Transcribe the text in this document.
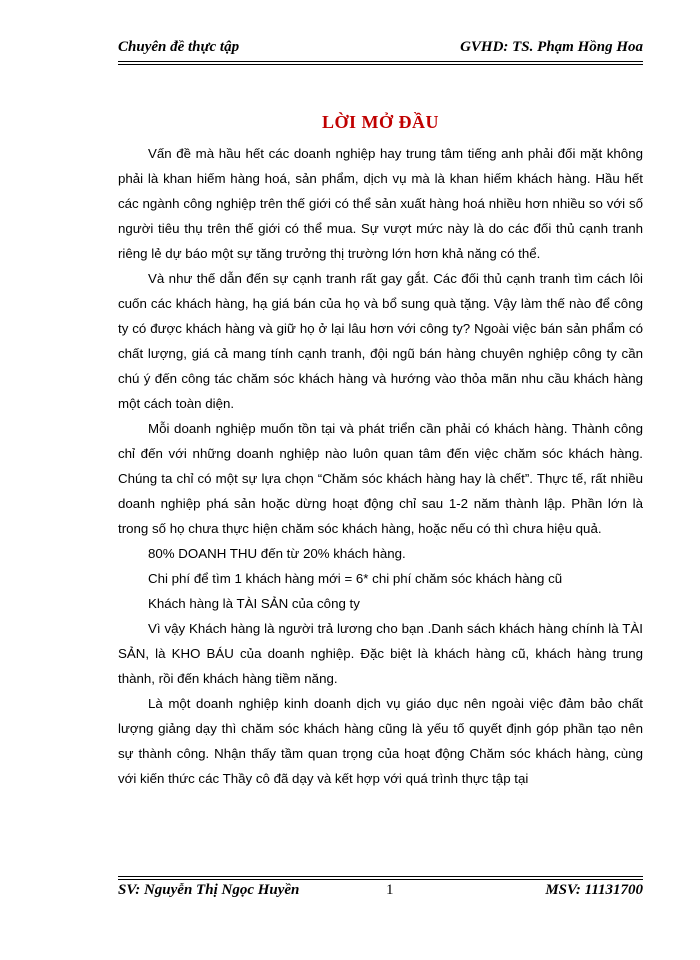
Chuyên đề thực tập	GVHD: TS. Phạm Hồng Hoa
LỜI MỞ ĐẦU

Vấn đề mà hầu hết các doanh nghiệp hay trung tâm tiếng anh phải đối mặt không phải là khan hiếm hàng hoá, sản phẩm, dịch vụ mà là khan hiếm khách hàng. Hầu hết các ngành công nghiệp trên thế giới có thể sản xuất hàng hoá nhiều hơn nhiều so với số người tiêu thụ trên thế giới có thể mua. Sự vượt mức này là do các đối thủ cạnh tranh riêng lẻ dự báo một sự tăng trưởng thị trường lớn hơn khả năng có thể.

Và như thế dẫn đến sự cạnh tranh rất gay gắt. Các đối thủ cạnh tranh tìm cách lôi cuốn các khách hàng, hạ giá bán của họ và bổ sung quà tặng. Vậy làm thế nào để công ty có được khách hàng và giữ họ ở lại lâu hơn với công ty? Ngoài việc bán sản phẩm có chất lượng, giá cả mang tính cạnh tranh, đội ngũ bán hàng chuyên nghiệp công ty cần chú ý đến công tác chăm sóc khách hàng và hướng vào thỏa mãn nhu cầu khách hàng một cách toàn diện.

Mỗi doanh nghiệp muốn tồn tại và phát triển cần phải có khách hàng. Thành công chỉ đến với những doanh nghiệp nào luôn quan tâm đến việc chăm sóc khách hàng. Chúng ta chỉ có một sự lựa chọn “Chăm sóc khách hàng hay là chết”. Thực tế, rất nhiều doanh nghiệp phá sản hoặc dừng hoạt động chỉ sau 1-2 năm thành lập. Phần lớn là trong số họ chưa thực hiện chăm sóc khách hàng, hoặc nếu có thì chưa hiệu quả.

80% DOANH THU đến từ 20% khách hàng.

Chi phí để tìm 1 khách hàng mới = 6* chi phí chăm sóc khách hàng cũ

Khách hàng là TÀI SẢN của công ty

Vì vậy Khách hàng là người trả lương cho bạn .Danh sách khách hàng chính là TÀI SẢN, là KHO BÁU của doanh nghiệp. Đặc biệt là khách hàng cũ, khách hàng trung thành, rồi đến khách hàng tiềm năng.

Là một doanh nghiệp kinh doanh dịch vụ giáo dục nên ngoài việc đảm bảo chất lượng giảng dạy thì chăm sóc khách hàng cũng là yếu tố quyết định góp phần tạo nên sự thành công. Nhận thấy tầm quan trọng của hoạt động Chăm sóc khách hàng, cùng với kiến thức các Thầy cô đã dạy và kết hợp với quá trình thực tập tại

SV: Nguyễn Thị Ngọc Huyền	1	MSV: 11131700
